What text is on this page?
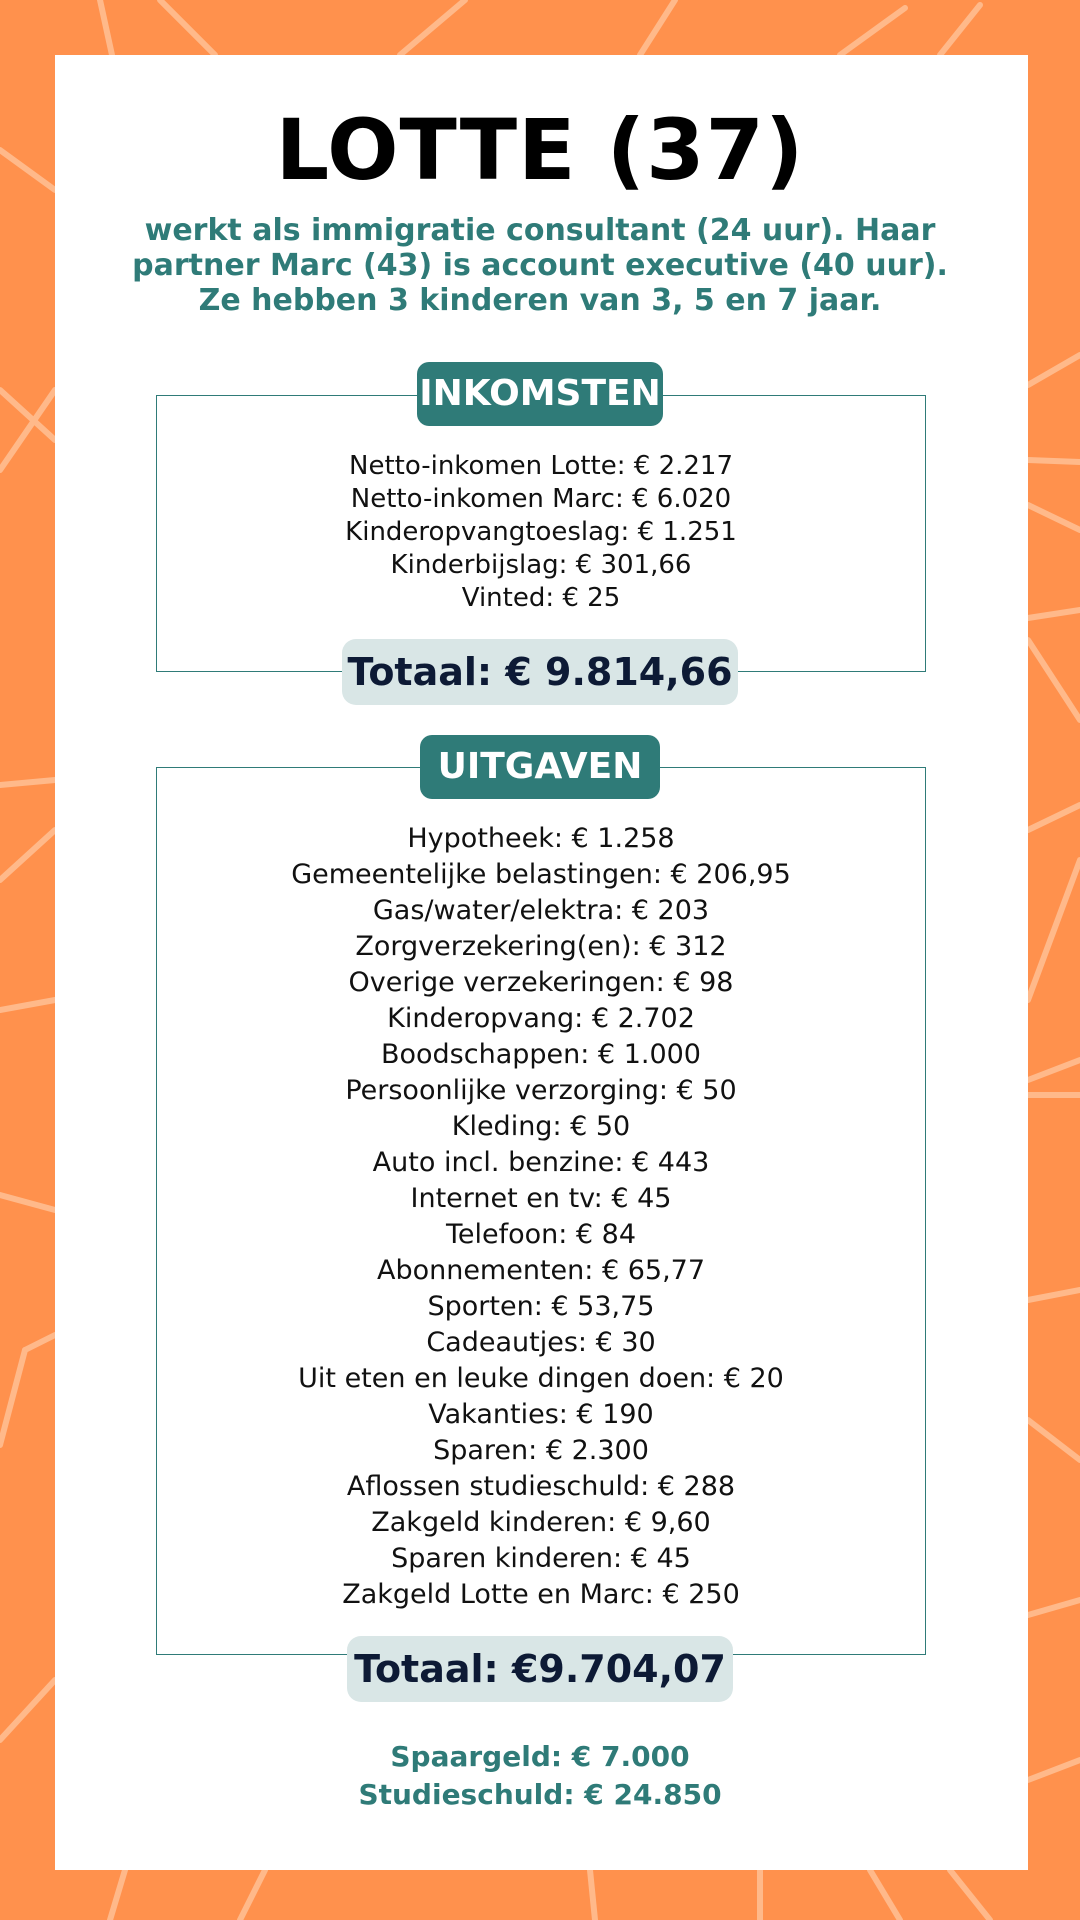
LOTTE (37)

werkt als immigratie consultant (24 uur). Haar partner Marc (43) is account executive (40 uur). Ze hebben 3 kinderen van 3, 5 en 7 jaar.

INKOMSTEN
Netto-inkomen Lotte: € 2.217
Netto-inkomen Marc: € 6.020
Kinderopvangtoeslag: € 1.251
Kinderbijslag: € 301,66
Vinted: € 25
Totaal: € 9.814,66
UITGAVEN
Hypotheek: € 1.258
Gemeentelijke belastingen: € 206,95
Gas/water/elektra: € 203
Zorgverzekering(en): € 312
Overige verzekeringen: € 98
Kinderopvang: € 2.702
Boodschappen: € 1.000
Persoonlijke verzorging: € 50
Kleding: € 50
Auto incl. benzine: € 443
Internet en tv: € 45
Telefoon: € 84
Abonnementen: € 65,77
Sporten: € 53,75
Cadeautjes: € 30
Uit eten en leuke dingen doen: € 20
Vakanties: € 190
Sparen: € 2.300
Aflossen studieschuld: € 288
Zakgeld kinderen: € 9,60
Sparen kinderen: € 45
Zakgeld Lotte en Marc: € 250
Totaal: €9.704,07
Spaargeld: € 7.000
Studieschuld: € 24.850
